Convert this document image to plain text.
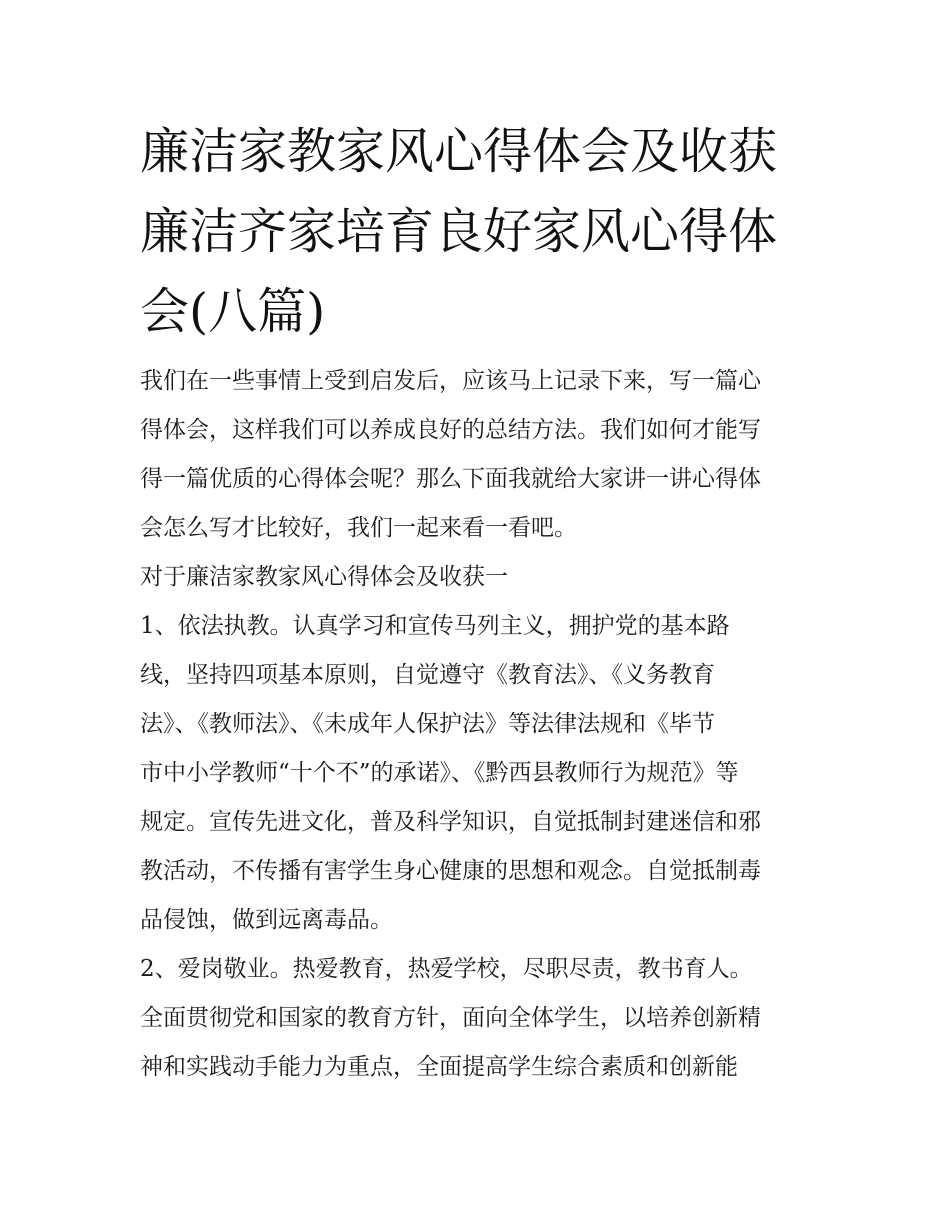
廉洁家教家风心得体会及收获
廉洁齐家培育良好家风心得体
会(八篇)

我们在一些事情上受到启发后，应该马上记录下来，写一篇心
得体会，这样我们可以养成良好的总结方法。我们如何才能写
得一篇优质的心得体会呢？那么下面我就给大家讲一讲心得体
会怎么写才比较好，我们一起来看一看吧。

对于廉洁家教家风心得体会及收获一

1、依法执教。认真学习和宣传马列主义，拥护党的基本路
线，坚持四项基本原则，自觉遵守《教育法》、《义务教育
法》、《教师法》、《未成年人保护法》等法律法规和《毕节
市中小学教师“十个不”的承诺》、《黔西县教师行为规范》等
规定。宣传先进文化，普及科学知识，自觉抵制封建迷信和邪
教活动，不传播有害学生身心健康的思想和观念。自觉抵制毒
品侵蚀，做到远离毒品。

2、爱岗敬业。热爱教育，热爱学校，尽职尽责，教书育人。
全面贯彻党和国家的教育方针，面向全体学生，以培养创新精
神和实践动手能力为重点，全面提高学生综合素质和创新能
